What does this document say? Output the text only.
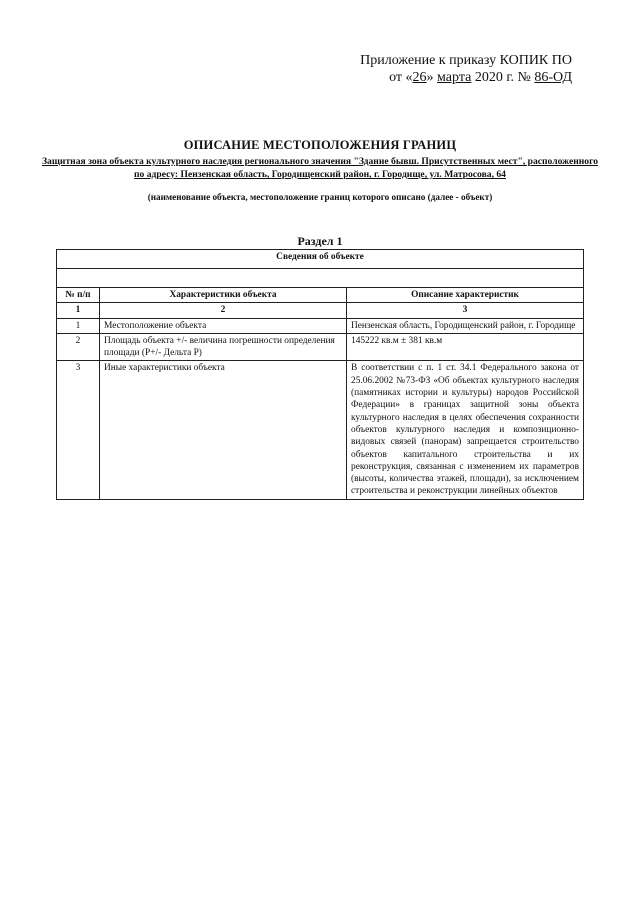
Приложение к приказу КОПИК ПО
от «26» марта 2020 г. № 86-ОД
ОПИСАНИЕ МЕСТОПОЛОЖЕНИЯ ГРАНИЦ
Защитная зона объекта культурного наследия регионального значения "Здание бывш. Присутственных мест", расположенного по адресу: Пензенская область, Городищенский район, г. Городище, ул. Матросова, 64
(наименование объекта, местоположение границ которого описано (далее - объект)
Раздел 1
Сведения об объекте		

№ п/п	Характеристики объекта	Описание характеристик
1	2	3
1	Местоположение объекта	Пензенская область, Городищенский район, г. Городище
2	Площадь объекта +/- величина погрешности определения площади (Р+/- Дельта Р)	145222 кв.м ± 381 кв.м
3	Иные характеристики объекта	В соответствии с п. 1 ст. 34.1 Федерального закона от 25.06.2002 №73-ФЗ «Об объектах культурного наследия (памятниках истории и культуры) народов Российской Федерации» в границах защитной зоны объекта культурного наследия в целях обеспечения сохранности объектов культурного наследия и композиционно-видовых связей (панорам) запрещается строительство объектов капитального строительства и их реконструкция, связанная с изменением их параметров (высоты, количества этажей, площади), за исключением строительства и реконструкции линейных объектов
